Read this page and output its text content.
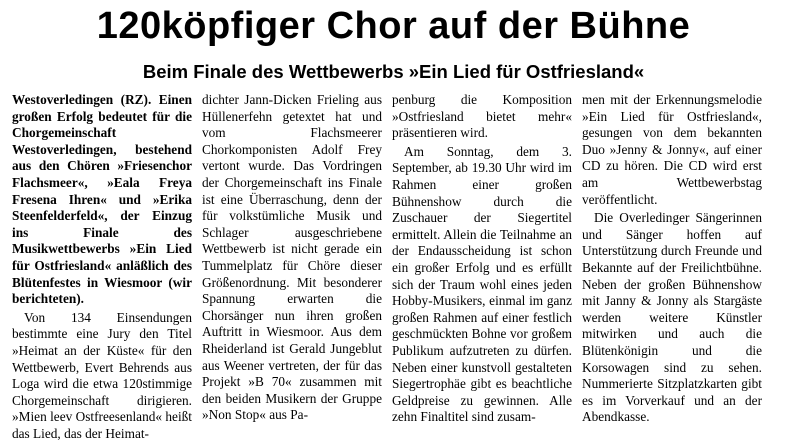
120köpfiger Chor auf der Bühne
Beim Finale des Wettbewerbs »Ein Lied für Ostfriesland«

Westoverledingen (RZ). Einen großen Erfolg bedeutet für die Chorgemeinschaft Westoverledingen, bestehend aus den Chören »Friesenchor Flachsmeer«, »Eala Freya Fresena Ihren« und »Erika Steenfelderfeld«, der Einzug ins Finale des Musikwettbewerbs »Ein Lied für Ostfriesland« anläßlich des Blütenfestes in Wiesmoor (wir berichteten).

Von 134 Einsendungen bestimmte eine Jury den Titel »Heimat an der Küste« für den Wettbewerb, Evert Behrends aus Loga wird die etwa 120stimmige Chorgemeinschaft dirigieren. »Mien leev Ostfreesenland« heißt das Lied, das der Heimat-

dichter Jann-Dicken Frieling aus Hüllenerfehn getextet hat und vom Flachsmeerer Chorkomponisten Adolf Frey vertont wurde. Das Vordringen der Chorgemeinschaft ins Finale ist eine Überraschung, denn der für volkstümliche Musik und Schlager ausgeschriebene Wettbewerb ist nicht gerade ein Tummelplatz für Chöre dieser Größenordnung. Mit besonderer Spannung erwarten die Chorsänger nun ihren großen Auftritt in Wiesmoor. Aus dem Rheiderland ist Gerald Jungeblut aus Weener vertreten, der für das Projekt »B 70« zusammen mit den beiden Musikern der Gruppe »Non Stop« aus Pa-

penburg die Komposition »Ostfriesland bietet mehr« präsentieren wird.

Am Sonntag, dem 3. September, ab 19.30 Uhr wird im Rahmen einer großen Bühnenshow durch die Zuschauer der Siegertitel ermittelt. Allein die Teilnahme an der Endausscheidung ist schon ein großer Erfolg und es erfüllt sich der Traum wohl eines jeden Hobby-Musikers, einmal im ganz großen Rahmen auf einer festlich geschmückten Bohne vor großem Publikum aufzutreten zu dürfen. Neben einer kunstvoll gestalteten Siegertrophäe gibt es beachtliche Geldpreise zu gewinnen. Alle zehn Finaltitel sind zusam-

men mit der Erkennungsmelodie »Ein Lied für Ostfriesland«, gesungen von dem bekannten Duo »Jenny & Jonny«, auf einer CD zu hören. Die CD wird erst am Wettbewerbstag veröffentlicht.

Die Overledinger Sängerinnen und Sänger hoffen auf Unterstützung durch Freunde und Bekannte auf der Freilichtbühne. Neben der großen Bühnenshow mit Janny & Jonny als Stargäste werden weitere Künstler mitwirken und auch die Blütenkönigin und die Korsowagen sind zu sehen. Nummerierte Sitzplatzkarten gibt es im Vorverkauf und an der Abendkasse.
